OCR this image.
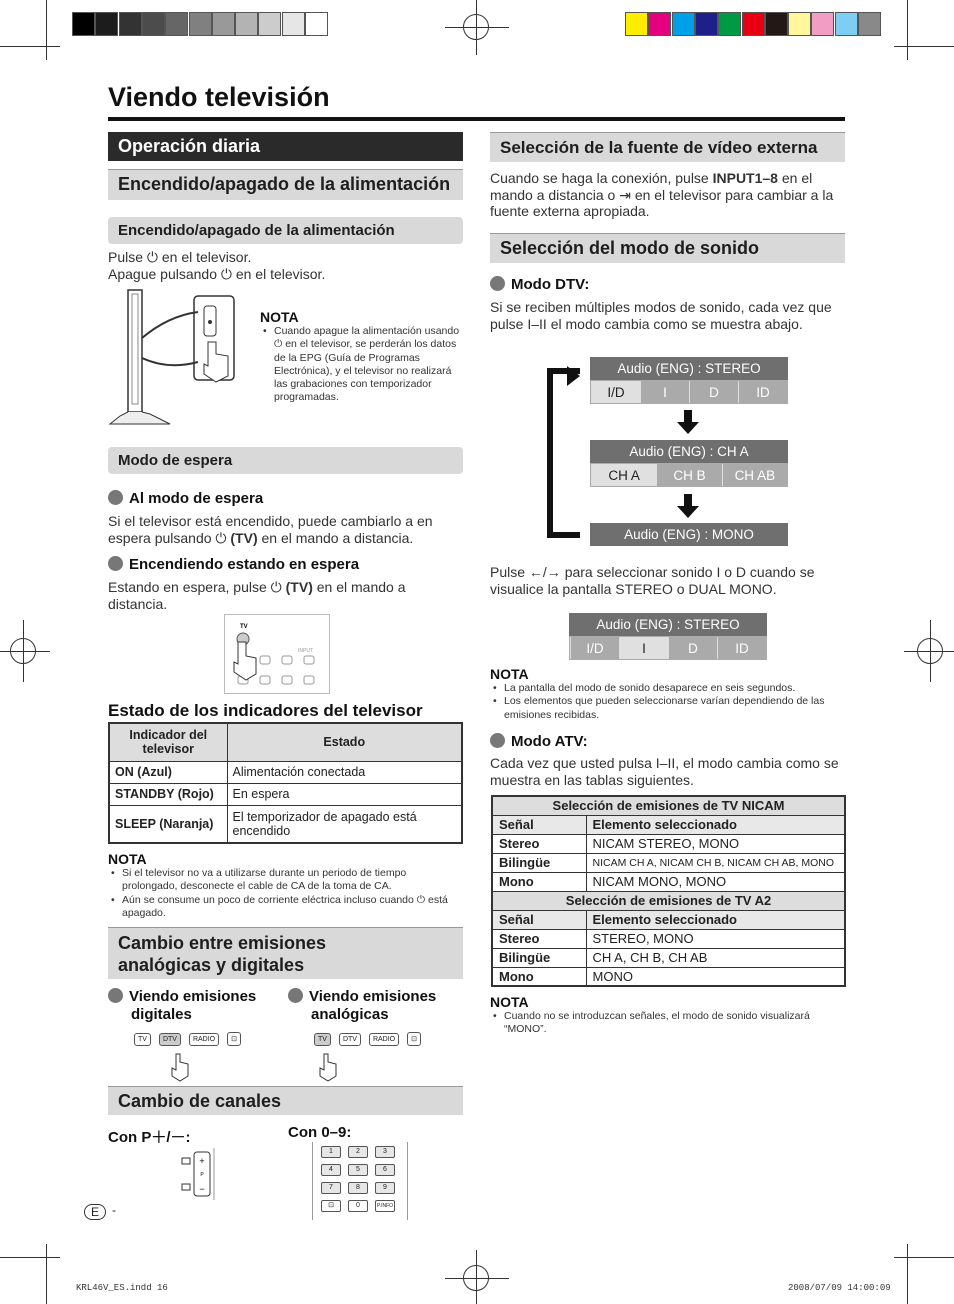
Viendo televisión
Operación diaria
Encendido/apagado de la alimentación
Encendido/apagado de la alimentación
Pulse ⏻ en el televisor.
Apague pulsando ⏻ en el televisor.
NOTA
• Cuando apague la alimentación usando ⏻ en el televisor, se perderán los datos de la EPG (Guía de Programas Electrónica), y el televisor no realizará las grabaciones con temporizador programadas.
Modo de espera
Al modo de espera
Si el televisor está encendido, puede cambiarlo a en espera pulsando ⏻ (TV) en el mando a distancia.
Encendiendo estando en espera
Estando en espera, pulse ⏻ (TV) en el mando a distancia.
TV
INPUT
Estado de los indicadores del televisor
Indicador del televisor	Estado
ON (Azul)	Alimentación conectada
STANDBY (Rojo)	En espera
SLEEP (Naranja)	El temporizador de apagado está encendido
NOTA
• Si el televisor no va a utilizarse durante un periodo de tiempo prolongado, desconecte el cable de CA de la toma de CA.
• Aún se consume un poco de corriente eléctrica incluso cuando ⏻ está apagado.
Cambio entre emisiones
analógicas y digitales
Viendo emisiones
digitales
Viendo emisiones
analógicas
TV DTV RADIO ⊡	TV DTV RADIO ⊡
Cambio de canales
Con P＋/－:	Con 0–9:
+
P
−
1	2	3
4	5	6
7	8	9
⊡	0	P.INFO
E	-
Selección de la fuente de vídeo externa
Cuando se haga la conexión, pulse INPUT1–8 en el mando a distancia o ⇥ en el televisor para cambiar a la fuente externa apropiada.
Selección del modo de sonido
Modo DTV:
Si se reciben múltiples modos de sonido, cada vez que pulse I–II el modo cambia como se muestra abajo.
Audio (ENG) : STEREO
I/D	I	D	ID
Audio (ENG) : CH A
CH A	CH B	CH AB
Audio (ENG) : MONO
Pulse ←/→ para seleccionar sonido I o D cuando se visualice la pantalla STEREO o DUAL MONO.
Audio (ENG) : STEREO
I/D	I	D	ID
NOTA
• La pantalla del modo de sonido desaparece en seis segundos.
• Los elementos que pueden seleccionarse varían dependiendo de las emisiones recibidas.
Modo ATV:
Cada vez que usted pulsa I–II, el modo cambia como se muestra en las tablas siguientes.
Selección de emisiones de TV NICAM	
Señal	Elemento seleccionado
Stereo	NICAM STEREO, MONO
Bilingüe	NICAM CH A, NICAM CH B, NICAM CH AB, MONO
Mono	NICAM MONO, MONO
Selección de emisiones de TV A2	
Señal	Elemento seleccionado
Stereo	STEREO, MONO
Bilingüe	CH A, CH B, CH AB
Mono	MONO
NOTA
• Cuando no se introduzcan señales, el modo de sonido visualizará “MONO”.
KRL46V_ES.indd 16	2008/07/09 14:00:09
